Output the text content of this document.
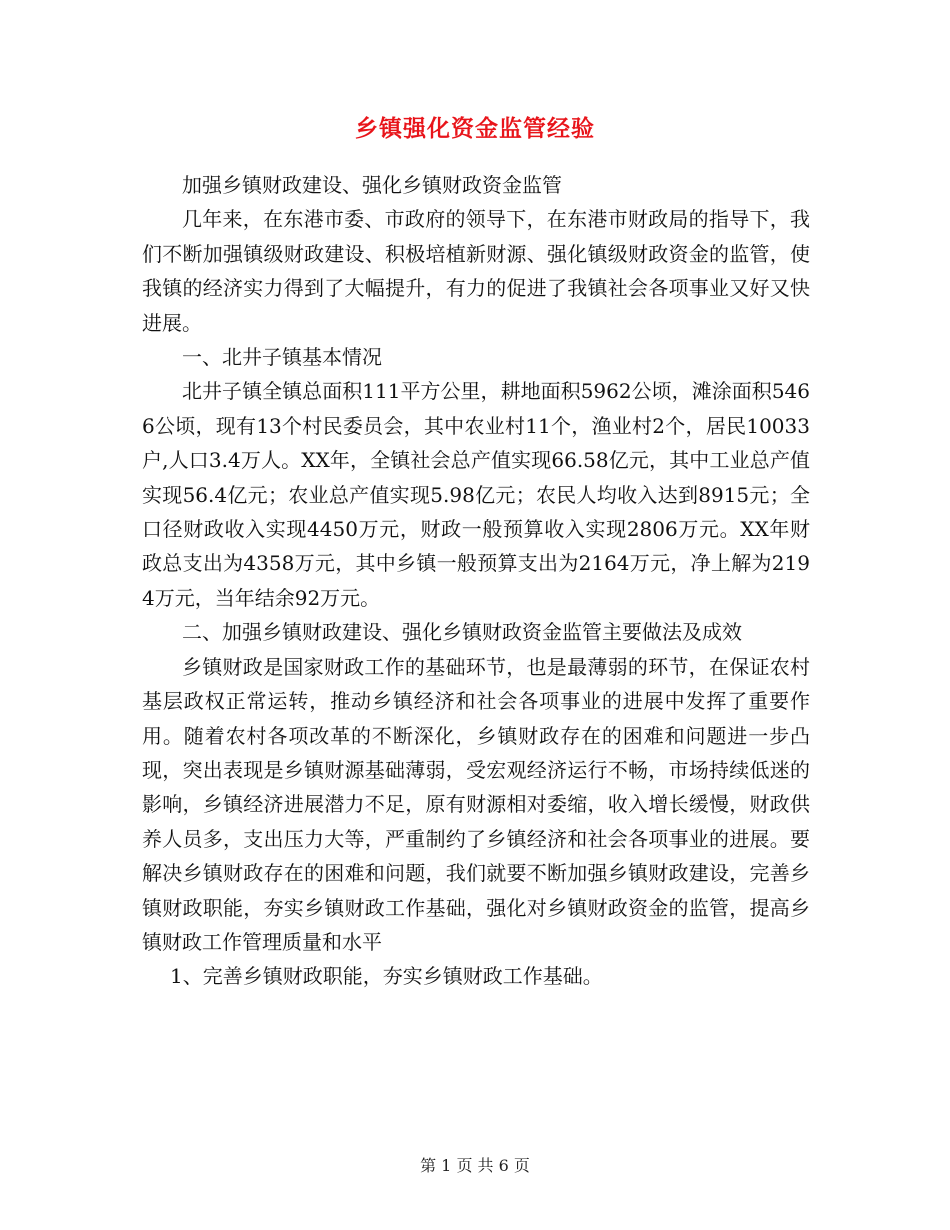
乡镇强化资金监管经验

加强乡镇财政建设、强化乡镇财政资金监管

几年来，在东港市委、市政府的领导下，在东港市财政局的指导下，我们不断加强镇级财政建设、积极培植新财源、强化镇级财政资金的监管，使我镇的经济实力得到了大幅提升，有力的促进了我镇社会各项事业又好又快进展。

一、北井子镇基本情况

北井子镇全镇总面积111平方公里，耕地面积5962公顷，滩涂面积5466公顷，现有13个村民委员会，其中农业村11个，渔业村2个，居民10033户,人口3.4万人。XX年，全镇社会总产值实现66.58亿元，其中工业总产值实现56.4亿元；农业总产值实现5.98亿元；农民人均收入达到8915元；全口径财政收入实现4450万元，财政一般预算收入实现2806万元。XX年财政总支出为4358万元，其中乡镇一般预算支出为2164万元，净上解为2194万元，当年结余92万元。

二、加强乡镇财政建设、强化乡镇财政资金监管主要做法及成效

乡镇财政是国家财政工作的基础环节，也是最薄弱的环节，在保证农村基层政权正常运转，推动乡镇经济和社会各项事业的进展中发挥了重要作用。随着农村各项改革的不断深化，乡镇财政存在的困难和问题进一步凸现，突出表现是乡镇财源基础薄弱，受宏观经济运行不畅，市场持续低迷的影响，乡镇经济进展潜力不足，原有财源相对委缩，收入增长缓慢，财政供养人员多，支出压力大等，严重制约了乡镇经济和社会各项事业的进展。要解决乡镇财政存在的困难和问题，我们就要不断加强乡镇财政建设，完善乡镇财政职能，夯实乡镇财政工作基础，强化对乡镇财政资金的监管，提高乡镇财政工作管理质量和水平

1、完善乡镇财政职能，夯实乡镇财政工作基础。

第 1 页 共 6 页
